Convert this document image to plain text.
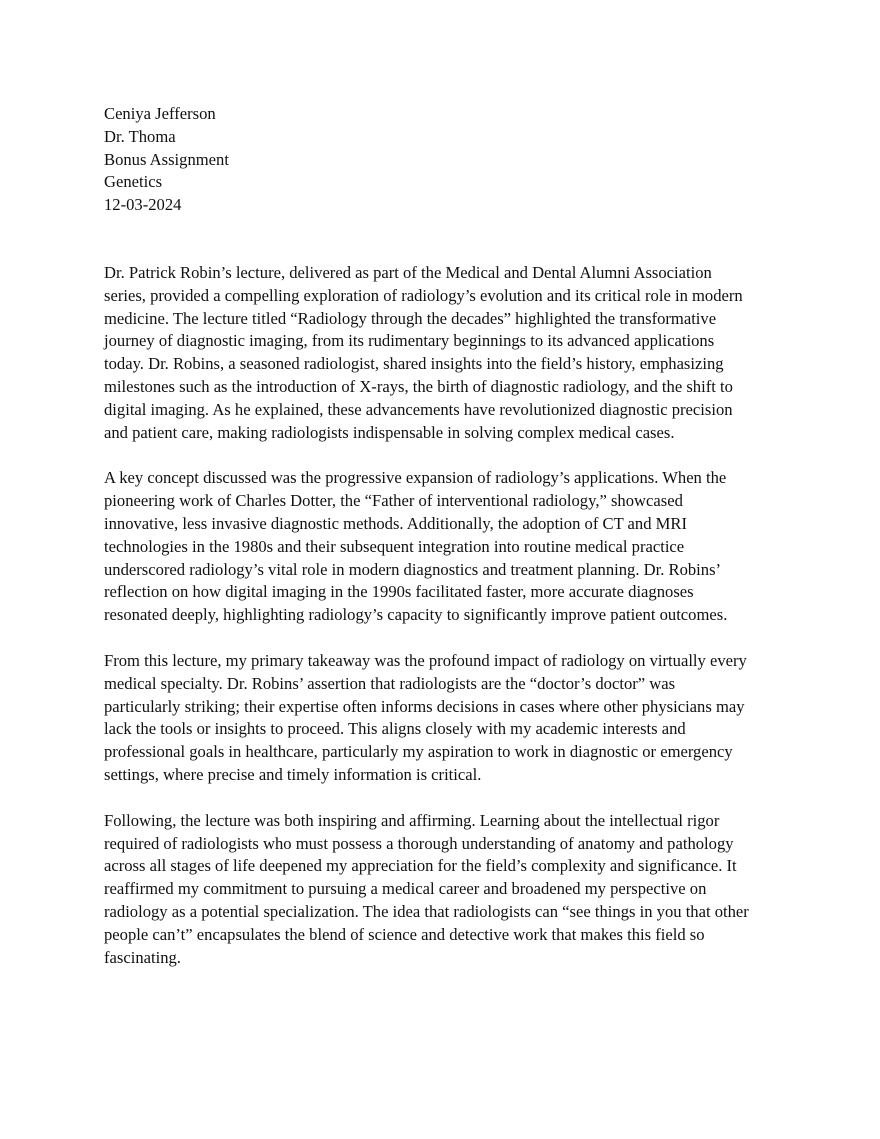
Ceniya Jefferson

Dr. Thoma

Bonus Assignment

Genetics

12-03-2024

Dr. Patrick Robin’s lecture, delivered as part of the Medical and Dental Alumni Association
series, provided a compelling exploration of radiology’s evolution and its critical role in modern
medicine. The lecture titled “Radiology through the decades” highlighted the transformative
journey of diagnostic imaging, from its rudimentary beginnings to its advanced applications
today. Dr. Robins, a seasoned radiologist, shared insights into the field’s history, emphasizing
milestones such as the introduction of X-rays, the birth of diagnostic radiology, and the shift to
digital imaging. As he explained, these advancements have revolutionized diagnostic precision
and patient care, making radiologists indispensable in solving complex medical cases.
A key concept discussed was the progressive expansion of radiology’s applications. When the
pioneering work of Charles Dotter, the “Father of interventional radiology,” showcased
innovative, less invasive diagnostic methods. Additionally, the adoption of CT and MRI
technologies in the 1980s and their subsequent integration into routine medical practice
underscored radiology’s vital role in modern diagnostics and treatment planning. Dr. Robins’
reflection on how digital imaging in the 1990s facilitated faster, more accurate diagnoses
resonated deeply, highlighting radiology’s capacity to significantly improve patient outcomes.
From this lecture, my primary takeaway was the profound impact of radiology on virtually every
medical specialty. Dr. Robins’ assertion that radiologists are the “doctor’s doctor” was
particularly striking; their expertise often informs decisions in cases where other physicians may
lack the tools or insights to proceed. This aligns closely with my academic interests and
professional goals in healthcare, particularly my aspiration to work in diagnostic or emergency
settings, where precise and timely information is critical.
Following, the lecture was both inspiring and affirming. Learning about the intellectual rigor
required of radiologists who must possess a thorough understanding of anatomy and pathology
across all stages of life deepened my appreciation for the field’s complexity and significance. It
reaffirmed my commitment to pursuing a medical career and broadened my perspective on
radiology as a potential specialization. The idea that radiologists can “see things in you that other
people can’t” encapsulates the blend of science and detective work that makes this field so
fascinating.
